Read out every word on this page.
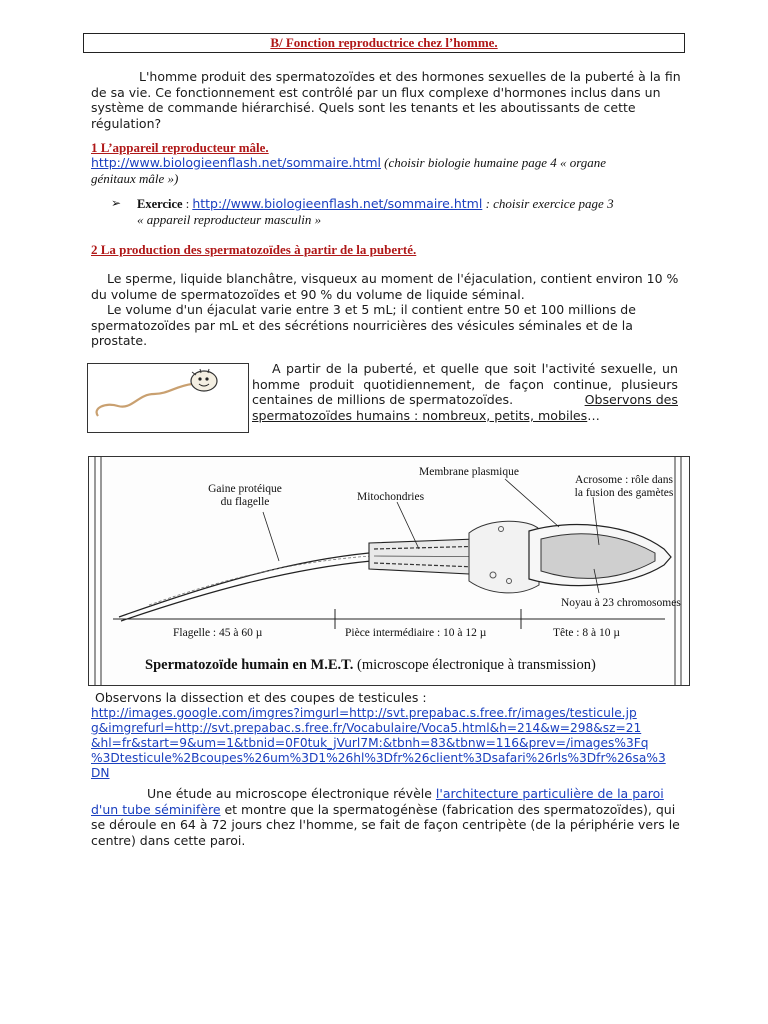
B/ Fonction reproductrice chez l’homme.
L'homme produit des spermatozoïdes et des hormones sexuelles de la puberté à la fin
de sa vie. Ce fonctionnement est contrôlé par un flux complexe d'hormones inclus dans un
système de commande hiérarchisé. Quels sont les tenants et les aboutissants de cette
régulation?
1 L’appareil reproducteur mâle.
http://www.biologieenflash.net/sommaire.html (choisir biologie humaine page 4 « organe
génitaux mâle »)
➢ Exercice : http://www.biologieenflash.net/sommaire.html : choisir exercice page 3
« appareil reproducteur masculin »
2 La production des spermatozoïdes à partir de la puberté.
Le sperme, liquide blanchâtre, visqueux au moment de l'éjaculation, contient environ 10 %
du volume de spermatozoïdes et 90 % du volume de liquide séminal.
Le volume d'un éjaculat varie entre 3 et 5 mL; il contient entre 50 et 100 millions de
spermatozoïdes par mL et des sécrétions nourricières des vésicules séminales et de la
prostate.
A partir de la puberté, et quelle que soit l'activité sexuelle, un
homme produit quotidiennement, de façon continue, plusieurs
centaines de millions de spermatozoïdes.	Observons des
spermatozoïdes humains : nombreux, petits, mobiles…
Membrane plasmique
Acrosome : rôle dans
la fusion des gamètes
Gaine protéique
du flagelle	Mitochondries
Noyau à 23 chromosomes
Flagelle : 45 à 60 µ	Pièce intermédiaire : 10 à 12 µ	Tête : 8 à 10 µ
Spermatozoïde humain en M.E.T. (microscope électronique à transmission)
Observons la dissection et des coupes de testicules :
http://images.google.com/imgres?imgurl=http://svt.prepabac.s.free.fr/images/testicule.jp
g&imgrefurl=http://svt.prepabac.s.free.fr/Vocabulaire/Voca5.html&h=214&w=298&sz=21
&hl=fr&start=9&um=1&tbnid=0F0tuk_jVurl7M:&tbnh=83&tbnw=116&prev=/images%3Fq
%3Dtesticule%2Bcoupes%26um%3D1%26hl%3Dfr%26client%3Dsafari%26rls%3Dfr%26sa%3
DN
Une étude au microscope électronique révèle l'architecture particulière de la paroi
d'un tube séminifère et montre que la spermatogénèse (fabrication des spermatozoïdes), qui
se déroule en 64 à 72 jours chez l'homme, se fait de façon centripète (de la périphérie vers le
centre) dans cette paroi.
